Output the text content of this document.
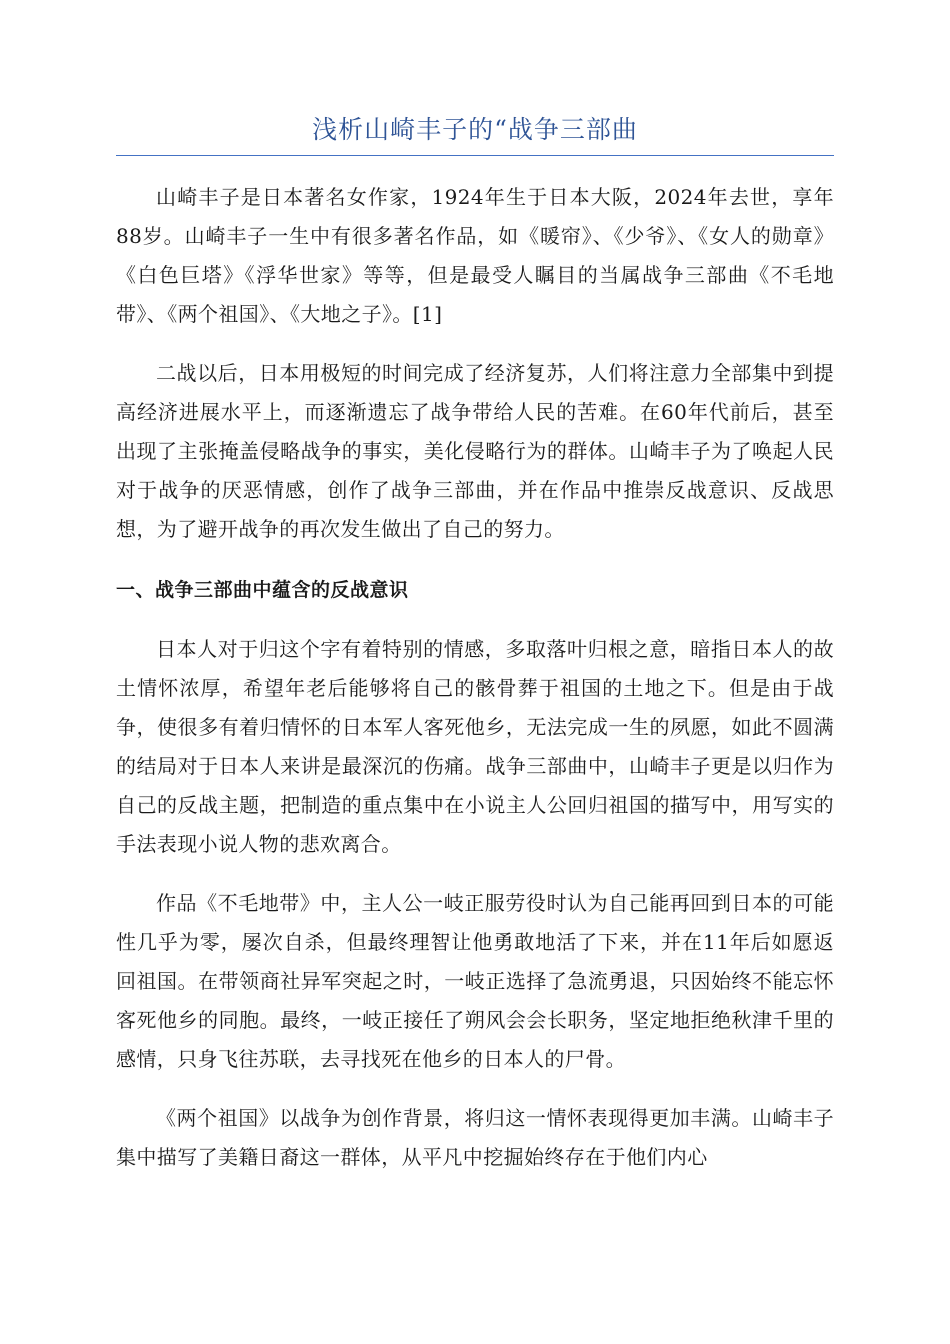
浅析山崎丰子的“战争三部曲

山崎丰子是日本著名女作家，1924年生于日本大阪，2024年去世，享年88岁。山崎丰子一生中有很多著名作品，如《暖帘》、《少爷》、《女人的勋章》《白色巨塔》《浮华世家》等等，但是最受人瞩目的当属战争三部曲《不毛地带》、《两个祖国》、《大地之子》。[1]

二战以后，日本用极短的时间完成了经济复苏，人们将注意力全部集中到提高经济进展水平上，而逐渐遗忘了战争带给人民的苦难。在60年代前后，甚至出现了主张掩盖侵略战争的事实，美化侵略行为的群体。山崎丰子为了唤起人民对于战争的厌恶情感，创作了战争三部曲，并在作品中推崇反战意识、反战思想，为了避开战争的再次发生做出了自己的努力。

一、战争三部曲中蕴含的反战意识

日本人对于归这个字有着特别的情感，多取落叶归根之意，暗指日本人的故土情怀浓厚，希望年老后能够将自己的骸骨葬于祖国的土地之下。但是由于战争，使很多有着归情怀的日本军人客死他乡，无法完成一生的夙愿，如此不圆满的结局对于日本人来讲是最深沉的伤痛。战争三部曲中，山崎丰子更是以归作为自己的反战主题，把制造的重点集中在小说主人公回归祖国的描写中，用写实的手法表现小说人物的悲欢离合。

作品《不毛地带》中，主人公一岐正服劳役时认为自己能再回到日本的可能性几乎为零，屡次自杀，但最终理智让他勇敢地活了下来，并在11年后如愿返回祖国。在带领商社异军突起之时，一岐正选择了急流勇退，只因始终不能忘怀客死他乡的同胞。最终，一岐正接任了朔风会会长职务，坚定地拒绝秋津千里的感情，只身飞往苏联，去寻找死在他乡的日本人的尸骨。

《两个祖国》以战争为创作背景，将归这一情怀表现得更加丰满。山崎丰子集中描写了美籍日裔这一群体，从平凡中挖掘始终存在于他们内心
